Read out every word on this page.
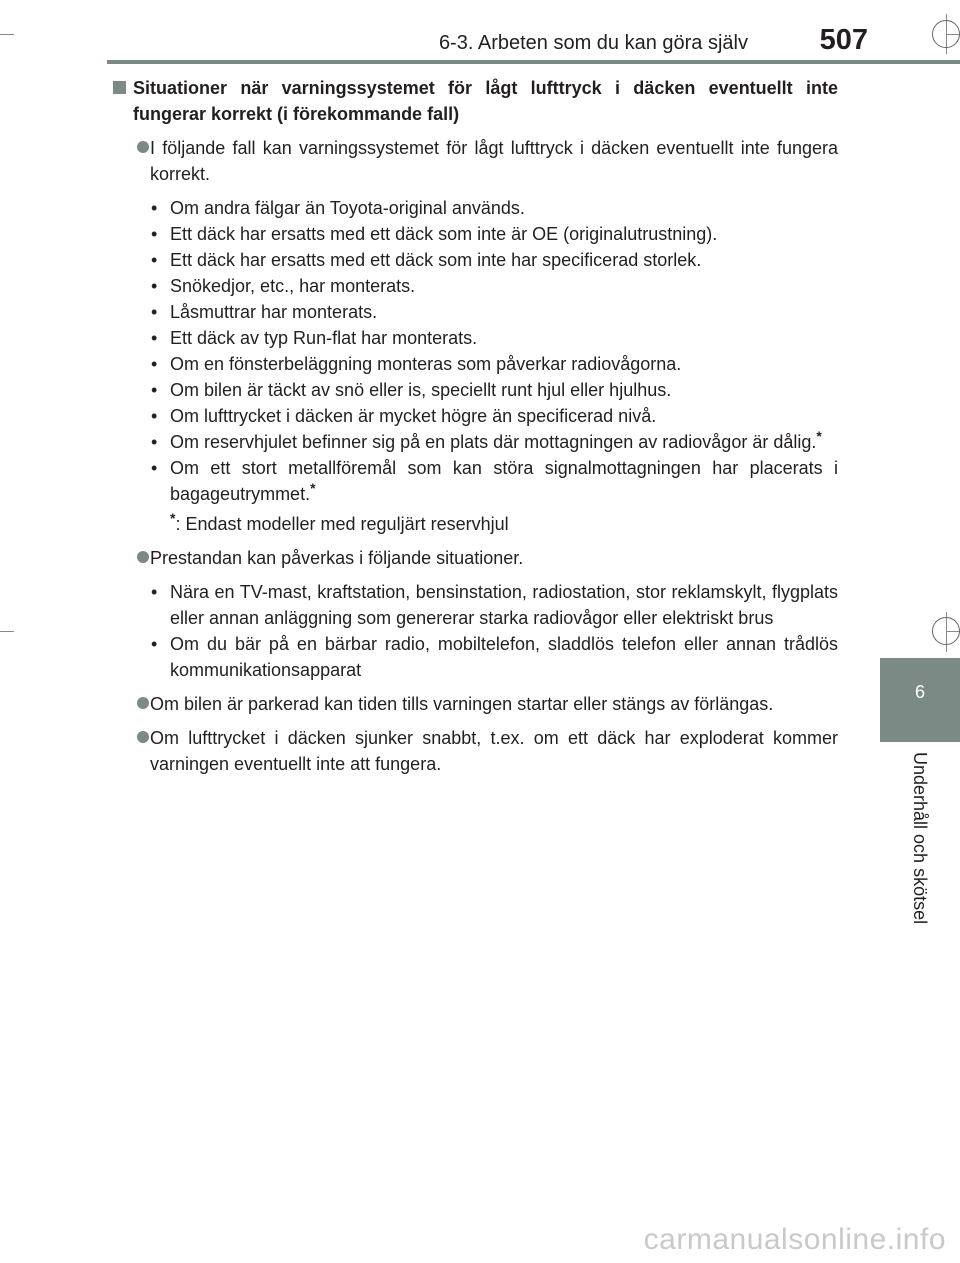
6-3. Arbeten som du kan göra själv 507
6
Underhåll och skötsel
Situationer när varningssystemet för lågt lufttryck i däcken eventuellt inte fungerar korrekt (i förekommande fall)
I följande fall kan varningssystemet för lågt lufttryck i däcken eventuellt inte fungera korrekt.
• Om andra fälgar än Toyota-original används.
• Ett däck har ersatts med ett däck som inte är OE (originalutrustning).
• Ett däck har ersatts med ett däck som inte har specificerad storlek.
• Snökedjor, etc., har monterats.
• Låsmuttrar har monterats.
• Ett däck av typ Run-flat har monterats.
• Om en fönsterbeläggning monteras som påverkar radiovågorna.
• Om bilen är täckt av snö eller is, speciellt runt hjul eller hjulhus.
• Om lufttrycket i däcken är mycket högre än specificerad nivå.
• Om reservhjulet befinner sig på en plats där mottagningen av radiovågor är dålig.*
• Om ett stort metallföremål som kan störa signalmottagningen har placerats i bagageutrymmet.*
*: Endast modeller med reguljärt reservhjul
Prestandan kan påverkas i följande situationer.
• Nära en TV-mast, kraftstation, bensinstation, radiostation, stor reklamskylt, flygplats eller annan anläggning som genererar starka radiovågor eller elektriskt brus
• Om du bär på en bärbar radio, mobiltelefon, sladdlös telefon eller annan trådlös kommunikationsapparat
Om bilen är parkerad kan tiden tills varningen startar eller stängs av förlängas.
Om lufttrycket i däcken sjunker snabbt, t.ex. om ett däck har exploderat kommer varningen eventuellt inte att fungera.
carmanualsonline.info
